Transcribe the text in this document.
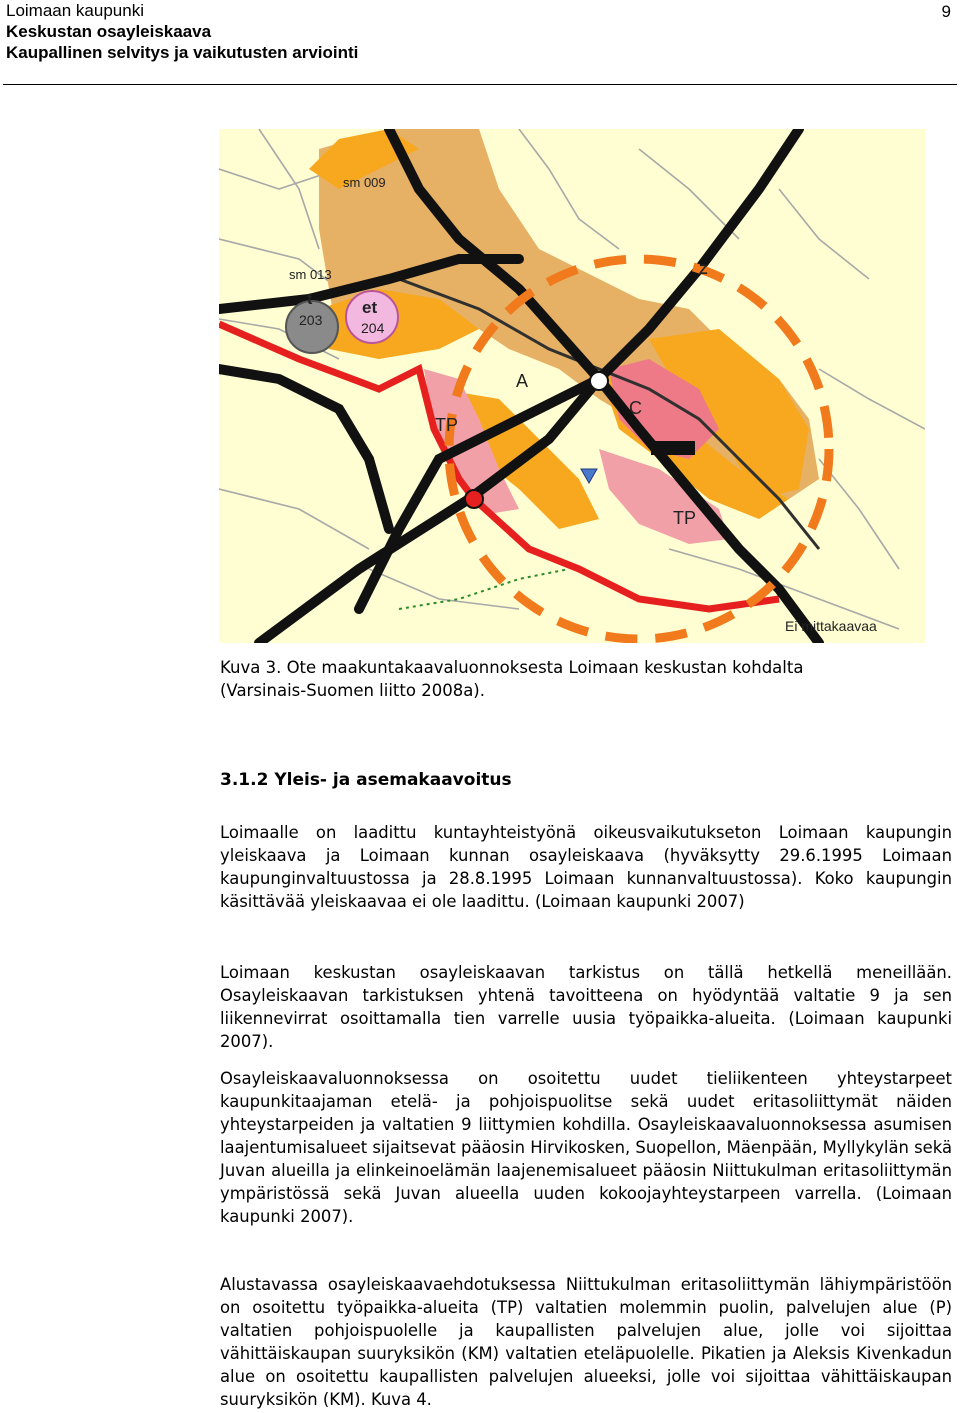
Loimaan kaupunki
Keskustan osayleiskaava
Kaupallinen selvitys ja vaikutusten arviointi
9
sm 009
sm 013
t
203
et
204
A
C
TP
TP
Z
Ei mittakaavaa
Kuva 3. Ote maakuntakaavaluonnoksesta Loimaan keskustan kohdalta
(Varsinais-Suomen liitto 2008a).
3.1.2 Yleis- ja asemakaavoitus
Loimaalle on laadittu kuntayhteistyönä oikeusvaikutukseton Loimaan kaupungin yleiskaava ja Loimaan kunnan osayleiskaava (hyväksytty 29.6.1995 Loimaan kaupunginvaltuustossa ja 28.8.1995 Loimaan kunnanvaltuustossa). Koko kaupungin käsittävää yleiskaavaa ei ole laadittu. (Loimaan kaupunki 2007)
Loimaan keskustan osayleiskaavan tarkistus on tällä hetkellä meneillään. Osayleiskaavan tarkistuksen yhtenä tavoitteena on hyödyntää valtatie 9 ja sen liikennevirrat osoittamalla tien varrelle uusia työpaikka-alueita. (Loimaan kaupunki 2007).
Osayleiskaavaluonnoksessa on osoitettu uudet tieliikenteen yhteystarpeet kaupunkitaajaman etelä- ja pohjoispuolitse sekä uudet eritasoliittymät näiden yhteystarpeiden ja valtatien 9 liittymien kohdilla. Osayleiskaavaluonnoksessa asumisen laajentumisalueet sijaitsevat pääosin Hirvikosken, Suopellon, Mäenpään, Myllykylän sekä Juvan alueilla ja elinkeinoelämän laajenemisalueet pääosin Niittukulman eritasoliittymän ympäristössä sekä Juvan alueella uuden kokoojayhteystarpeen varrella. (Loimaan kaupunki 2007).
Alustavassa osayleiskaavaehdotuksessa Niittukulman eritasoliittymän lähiympäristöön on osoitettu työpaikka-alueita (TP) valtatien molemmin puolin, palvelujen alue (P) valtatien pohjoispuolelle ja kaupallisten palvelujen alue, jolle voi sijoittaa vähittäiskaupan suuryksikön (KM) valtatien eteläpuolelle. Pikatien ja Aleksis Kivenkadun alue on osoitettu kaupallisten palvelujen alueeksi, jolle voi sijoittaa vähittäiskaupan suuryksikön (KM). Kuva 4.
